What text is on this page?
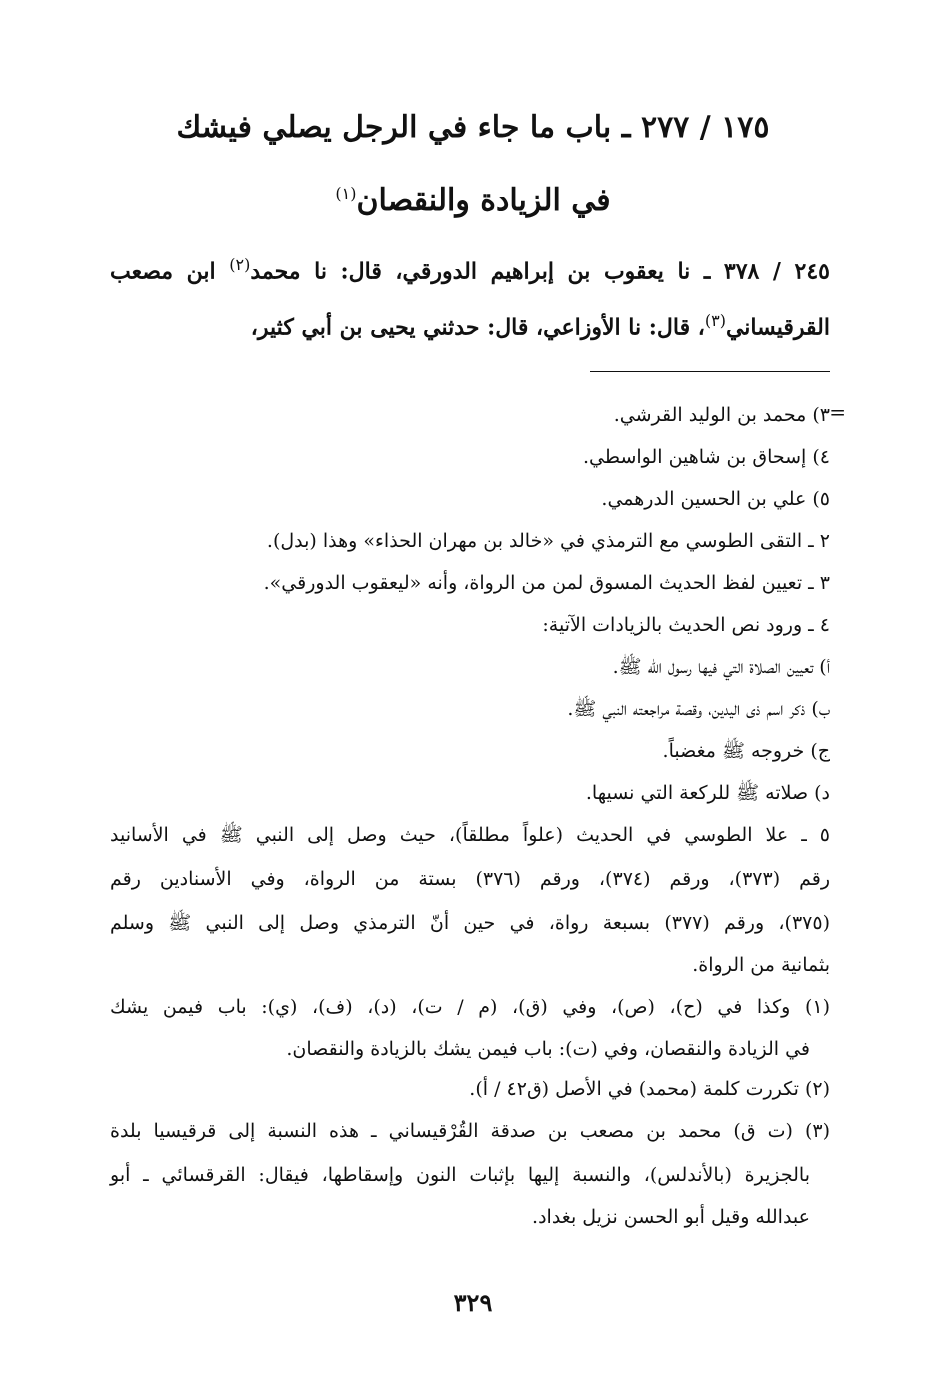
١٧٥ / ٢٧٧ ـ باب ما جاء في الرجل يصلي فيشك
في الزيادة والنقصان$^{(١)}$
٢٤٥ / ٣٧٨ ـ نا يعقوب بن إبراهيم الدورقي، قال: نا محمد$^{(٢)}$ ابن مصعب القرقيساني$^{(٣)}$، قال: نا الأوزاعي، قال: حدثني يحيى بن أبي كثير،
=
٣) محمد بن الوليد القرشي.
٤) إسحاق بن شاهين الواسطي.
٥) علي بن الحسين الدرهمي.
٢ ـ التقى الطوسي مع الترمذي في «خالد بن مهران الحذاء» وهذا (بدل).
٣ ـ تعيين لفظ الحديث المسوق لمن من الرواة، وأنه «ليعقوب الدورقي».
٤ ـ ورود نص الحديث بالزيادات الآتية:
أ) تعيين الصلاة التي فيها رسول الله ﷺ.
ب) ذكر اسم ذى اليدين، وقصة مراجعته النبي ﷺ.
ج) خروجه ﷺ مغضباً.
د) صلاته ﷺ للركعة التي نسيها.
٥ ـ علا الطوسي في الحديث (علواً مطلقاً)، حيث وصل إلى النبي ﷺ في الأسانيد
رقم (٣٧٣)، ورقم (٣٧٤)، ورقم (٣٧٦) بستة من الرواة، وفي الأسنادين رقم
(٣٧٥)، ورقم (٣٧٧) بسبعة رواة، في حين أنّ الترمذي وصل إلى النبي ﷺ وسلم
بثمانية من الرواة.
(١) وكذا في (ح)، (ص)، وفي (ق)، (م / ت)، (د)، (ف)، (ي): باب فيمن يشك
في الزيادة والنقصان، وفي (ت): باب فيمن يشك بالزيادة والنقصان.
(٢) تكررت كلمة (محمد) في الأصل (ق٤٢ / أ).
(٣) (ت ق) محمد بن مصعب بن صدقة القُرْقيساني ـ هذه النسبة إلى قرقيسيا بلدة
بالجزيرة (بالأندلس)، والنسبة إليها بإثبات النون وإسقاطها، فيقال: القرقسائي ـ أبو
عبدالله وقيل أبو الحسن نزيل بغداد.
٣٢٩
